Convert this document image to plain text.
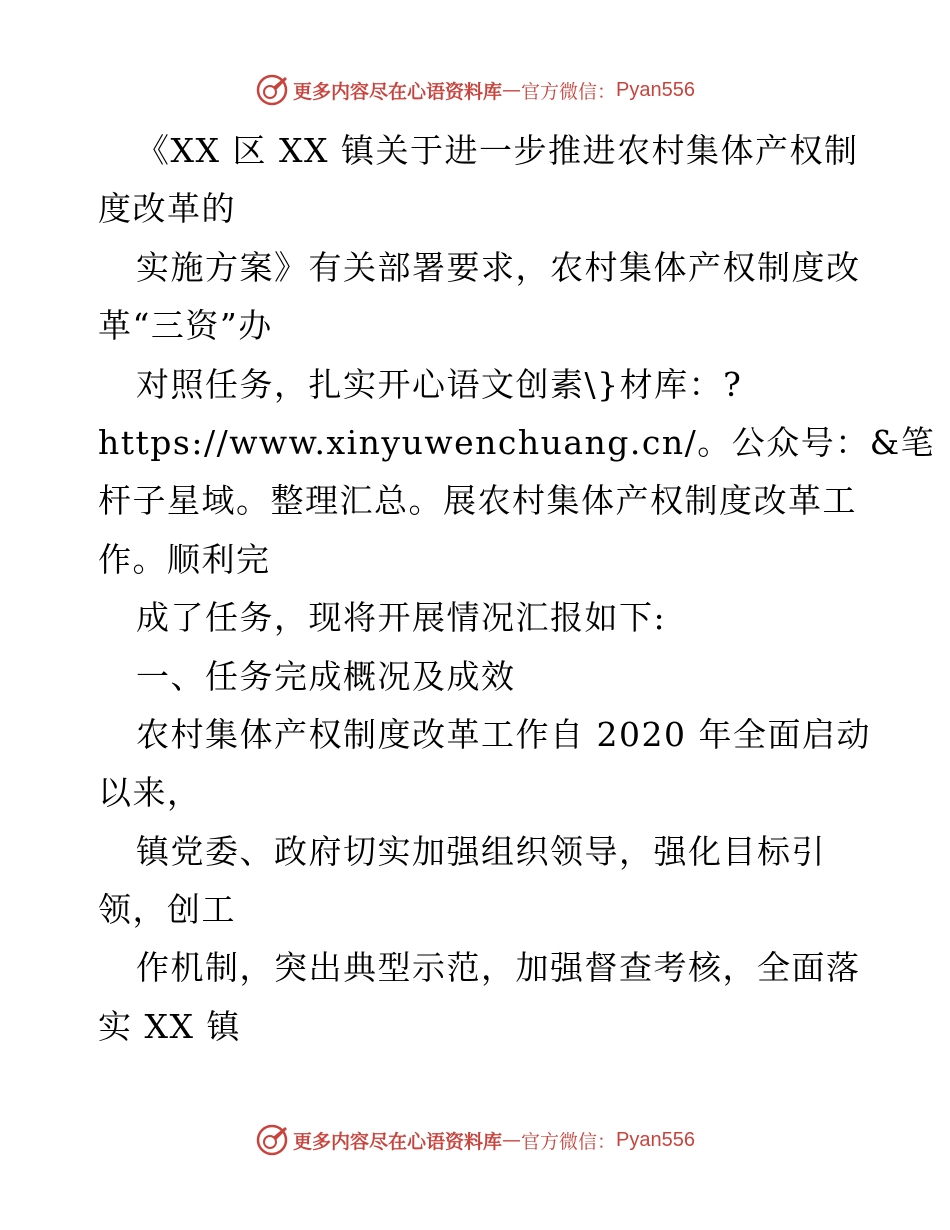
更多内容尽在心语资料库 — 官方微信： Pyan556
《XX 区 XX 镇关于进一步推进农村集体产权制
度改革的
实施方案》有关部署要求，农村集体产权制度改
革“三资”办
对照任务，扎实开心语文创素\}材库：?
https://www.xinyuwenchuang.cn/。公众号：&笔
杆子星域。整理汇总。展农村集体产权制度改革工
作。顺利完
成了任务，现将开展情况汇报如下:
一、任务完成概况及成效
农村集体产权制度改革工作自 2020 年全面启动
以来，
镇党委、政府切实加强组织领导，强化目标引
领，创工
作机制，突出典型示范，加强督查考核，全面落
实 XX 镇
更多内容尽在心语资料库 — 官方微信： Pyan556
